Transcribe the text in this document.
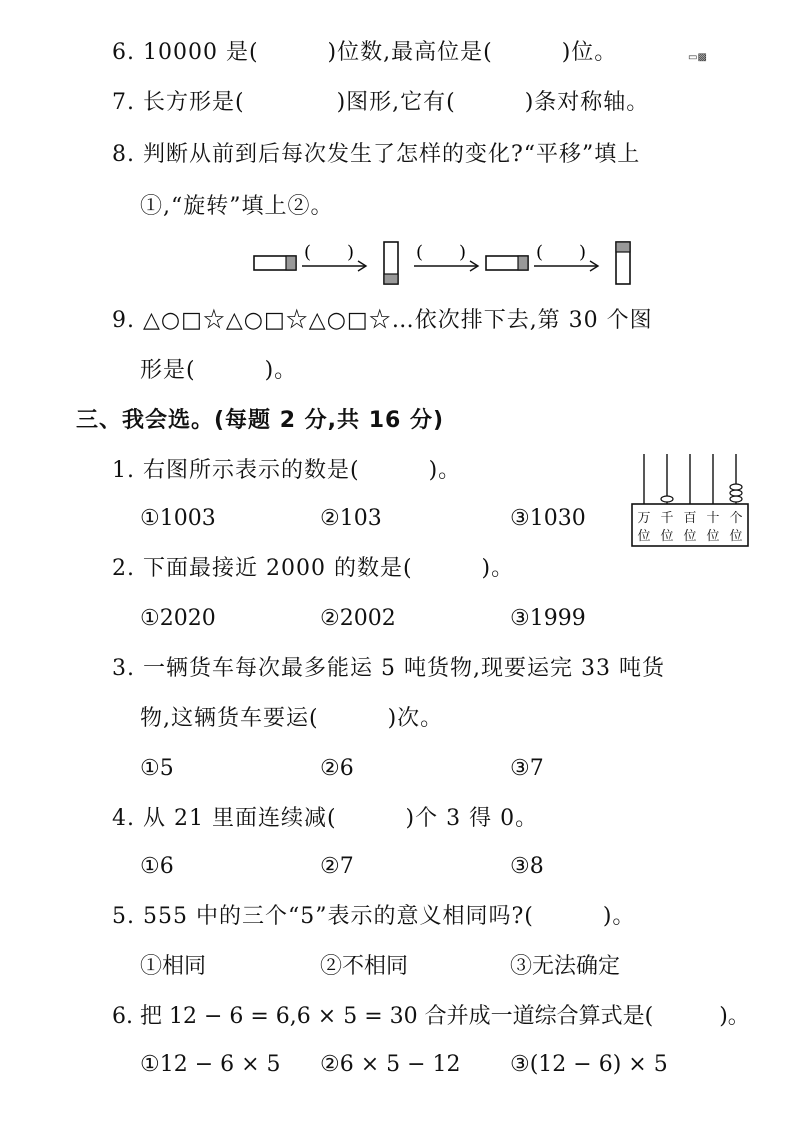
6. 10000 是(　　　)位数,最高位是(　　　)位。	▭▩
7. 长方形是(　　　　)图形,它有(　　　)条对称轴。
8. 判断从前到后每次发生了怎样的变化?“平移”填上
①,“旋转”填上②。
(　　)	(　　)	(　　)
9. △○□☆△○□☆△○□☆…依次排下去,第 30 个图
形是(　　　)。
三、我会选。(每题 2 分,共 16 分)
1. 右图所示表示的数是(　　　)。
①1003	②103	③1030	万
位
千
位
百
位
十
位
个
位
2. 下面最接近 2000 的数是(　　　)。
①2020	②2002	③1999
3. 一辆货车每次最多能运 5 吨货物,现要运完 33 吨货
物,这辆货车要运(　　　)次。
①5	②6	③7
4. 从 21 里面连续减(　　　)个 3 得 0。
①6	②7	③8
5. 555 中的三个“5”表示的意义相同吗?(　　　)。
①相同	②不相同	③无法确定
6. 把 12 − 6 = 6,6 × 5 = 30 合并成一道综合算式是(　　　)。
①12 − 6 × 5 ②6 × 5 − 12 ③(12 − 6) × 5
